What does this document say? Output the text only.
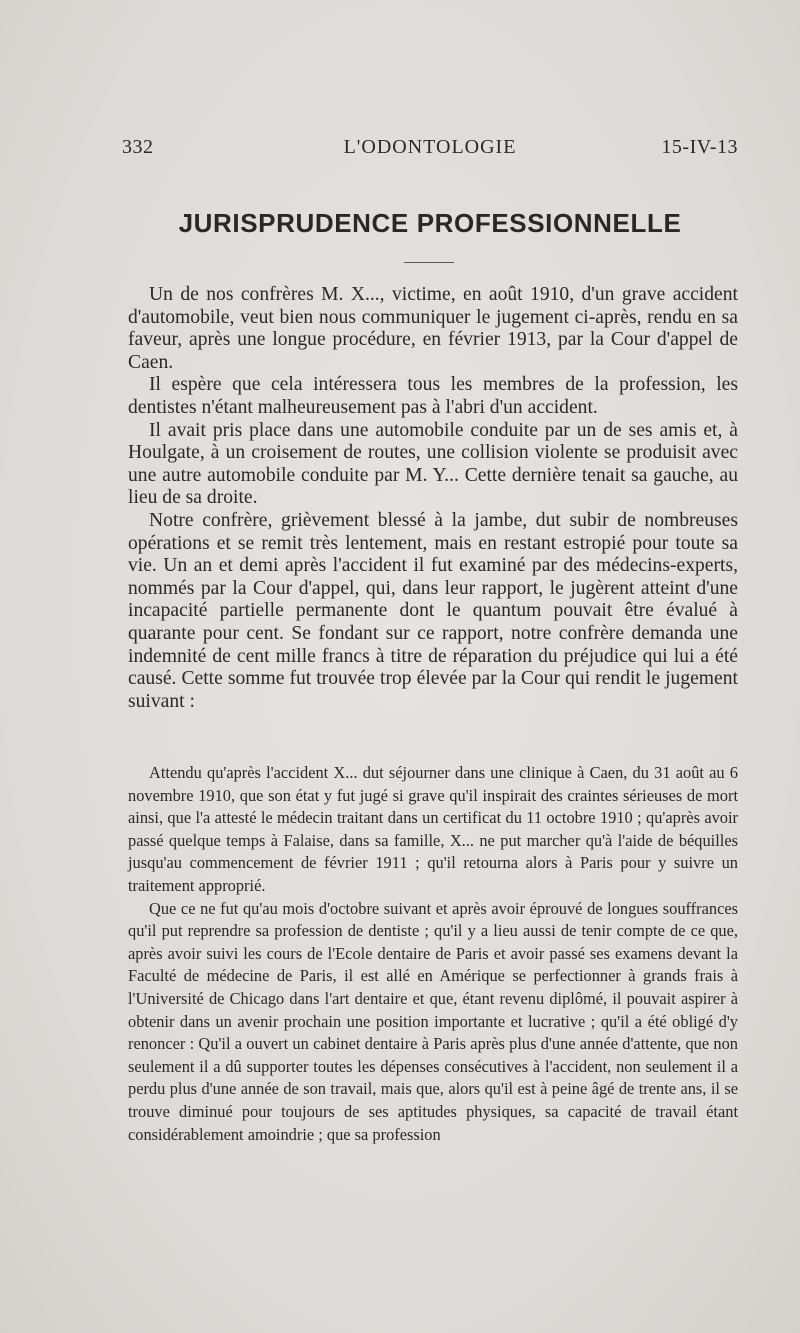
L'ODONTOLOGIE
332	15-IV-13
JURISPRUDENCE PROFESSIONNELLE

Un de nos confrères M. X..., victime, en août 1910, d'un grave accident d'automobile, veut bien nous communiquer le jugement ci-après, rendu en sa faveur, après une longue procédure, en février 1913, par la Cour d'appel de Caen.

Il espère que cela intéressera tous les membres de la profession, les dentistes n'étant malheureusement pas à l'abri d'un accident.

Il avait pris place dans une automobile conduite par un de ses amis et, à Houlgate, à un croisement de routes, une collision violente se produisit avec une autre automobile conduite par M. Y... Cette dernière tenait sa gauche, au lieu de sa droite.

Notre confrère, grièvement blessé à la jambe, dut subir de nombreuses opérations et se remit très lentement, mais en restant estropié pour toute sa vie. Un an et demi après l'accident il fut examiné par des médecins-experts, nommés par la Cour d'appel, qui, dans leur rapport, le jugèrent atteint d'une incapacité partielle permanente dont le quantum pouvait être évalué à quarante pour cent. Se fondant sur ce rapport, notre confrère demanda une indemnité de cent mille francs à titre de réparation du préjudice qui lui a été causé. Cette somme fut trouvée trop élevée par la Cour qui rendit le jugement suivant :

Attendu qu'après l'accident X... dut séjourner dans une clinique à Caen, du 31 août au 6 novembre 1910, que son état y fut jugé si grave qu'il inspirait des craintes sérieuses de mort ainsi, que l'a attesté le médecin traitant dans un certificat du 11 octobre 1910 ; qu'après avoir passé quelque temps à Falaise, dans sa famille, X... ne put marcher qu'à l'aide de béquilles jusqu'au commencement de février 1911 ; qu'il retourna alors à Paris pour y suivre un traitement approprié.

Que ce ne fut qu'au mois d'octobre suivant et après avoir éprouvé de longues souffrances qu'il put reprendre sa profession de dentiste ; qu'il y a lieu aussi de tenir compte de ce que, après avoir suivi les cours de l'Ecole dentaire de Paris et avoir passé ses examens devant la Faculté de médecine de Paris, il est allé en Amérique se perfectionner à grands frais à l'Université de Chicago dans l'art dentaire et que, étant revenu diplômé, il pouvait aspirer à obtenir dans un avenir prochain une position importante et lucrative ; qu'il a été obligé d'y renoncer : Qu'il a ouvert un cabinet dentaire à Paris après plus d'une année d'attente, que non seulement il a dû supporter toutes les dépenses consécutives à l'accident, non seulement il a perdu plus d'une année de son travail, mais que, alors qu'il est à peine âgé de trente ans, il se trouve diminué pour toujours de ses aptitudes physiques, sa capacité de travail étant considérablement amoindrie ; que sa profession
